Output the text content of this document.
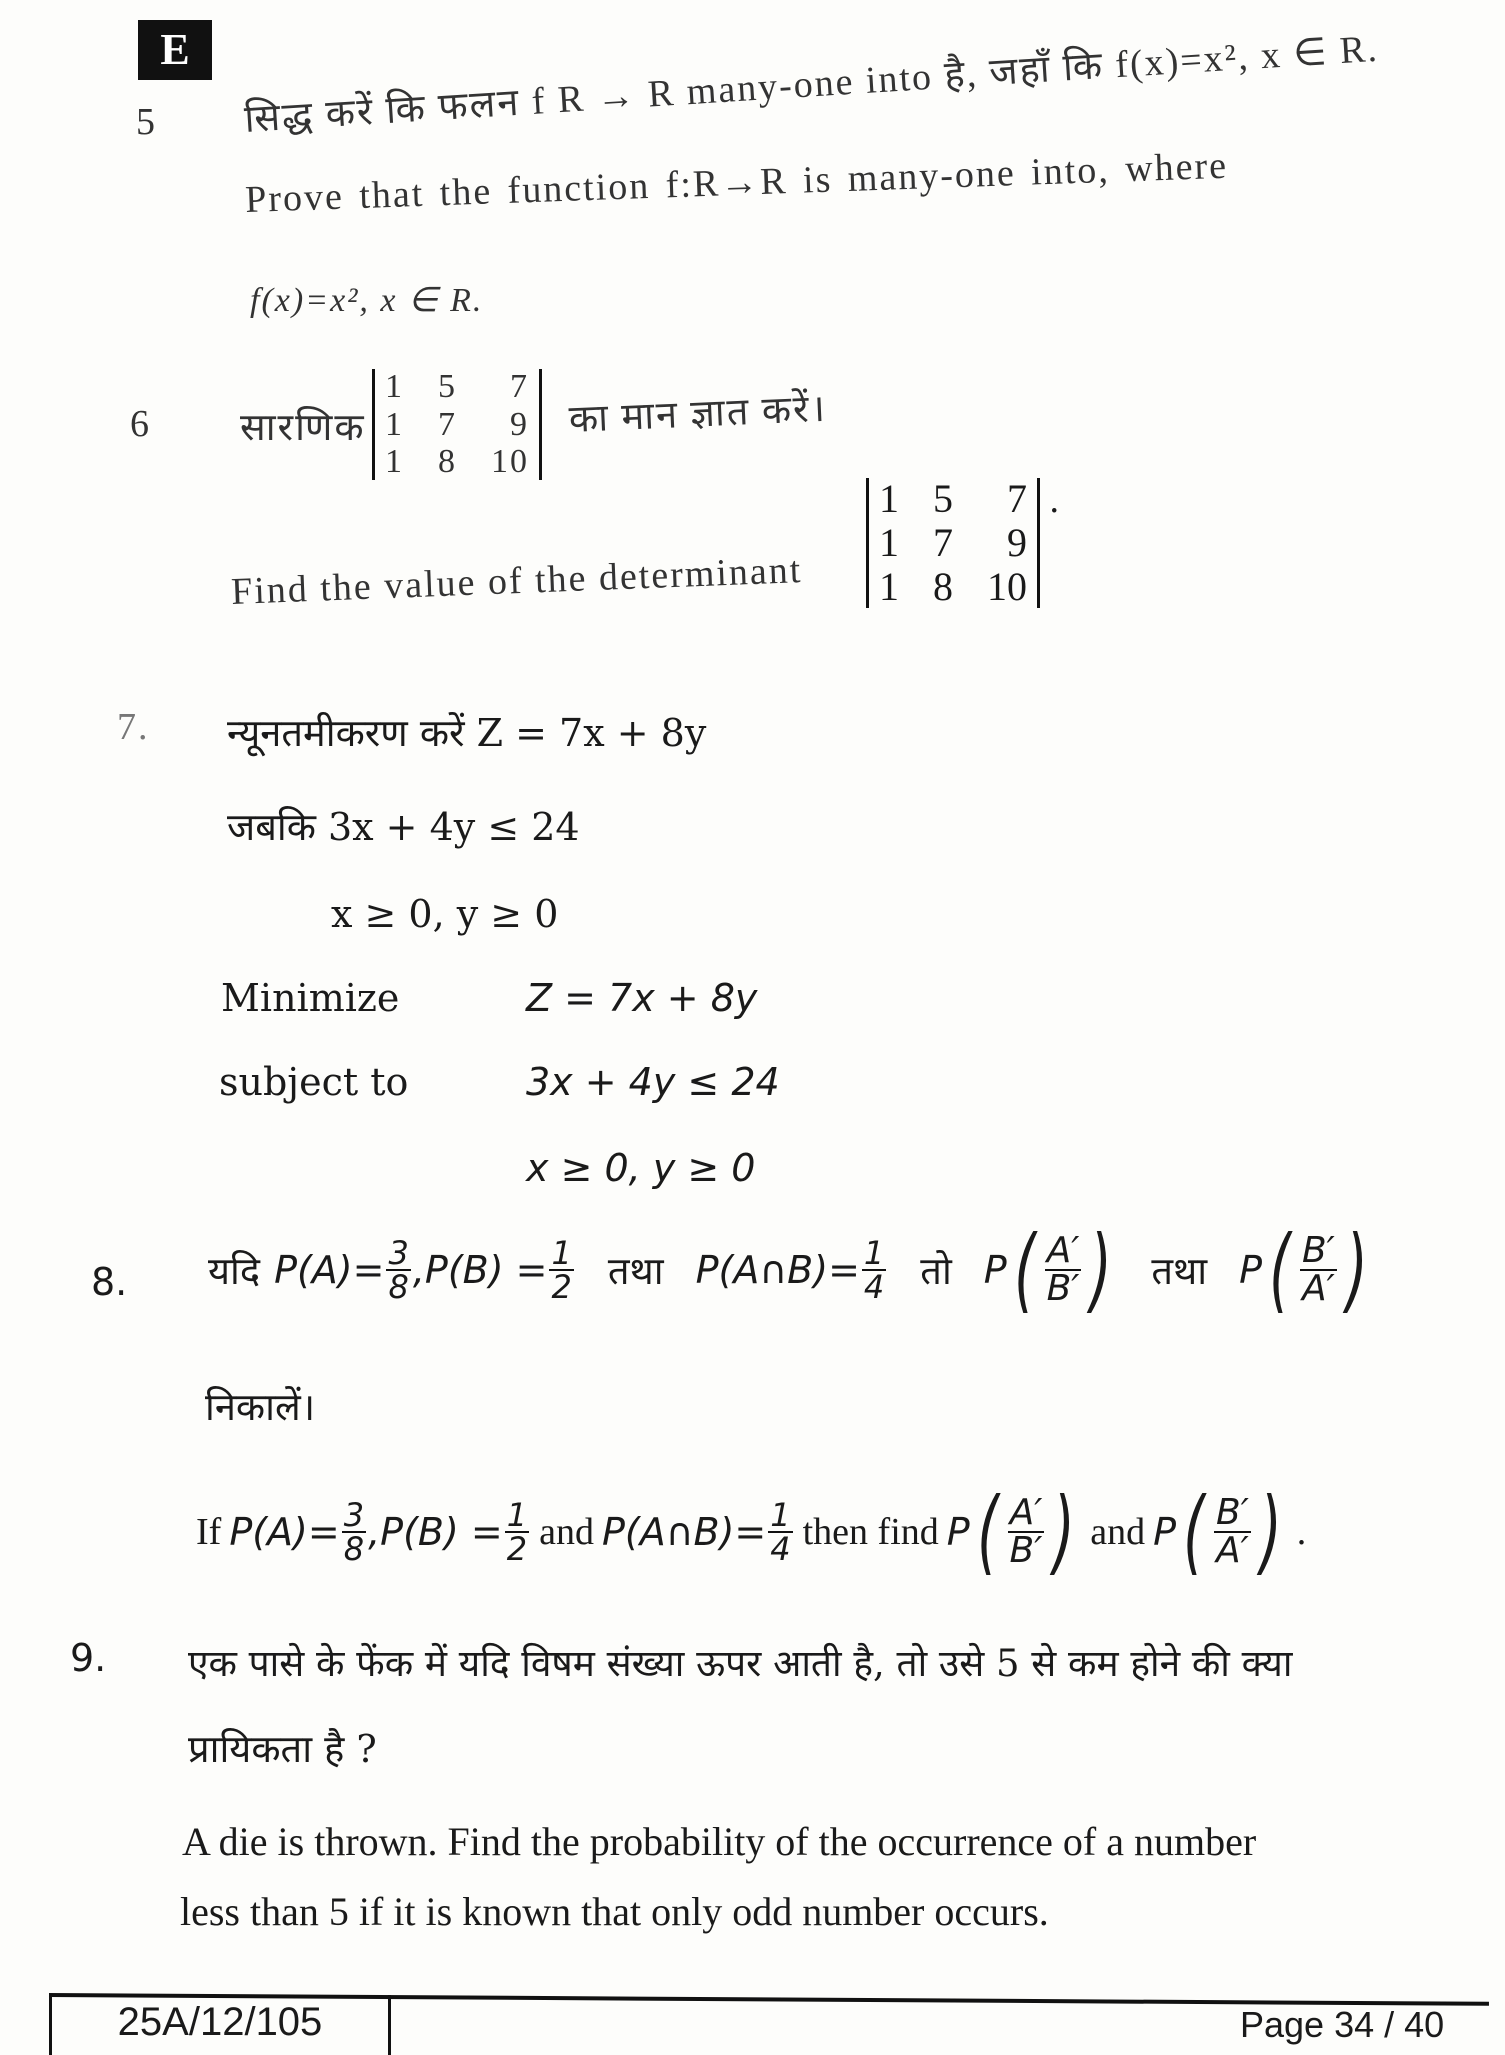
E
5 सिद्ध करें कि फलन f R → R many-one into है, जहाँ कि f(x)=x², x ∈ R.
Prove that the function f:R→R is many-one into, where
f(x)=x², x ∈ R.
6 सारणिक
1 5	7
1 7	9
1 8 10
का मान ज्ञात करें।
Find the value of the determinant
1 5	7
1 7	9
1 8 10
.
7. न्यूनतमीकरण करें Z = 7x + 8y
जबकि 3x + 4y ≤ 24
x ≥ 0, y ≥ 0
Minimize	Z = 7x + 8y
subject to	3x + 4y ≤ 24
x ≥ 0, y ≥ 0
8. यदि $P(A)= \frac{3}{8} ,P(B) = \frac{1}{2}$ तथा P(A∩B)= $\frac{1}{4}$ तो P ( $\frac{A'}{B'}$ ) तथा P ( $\frac{B'}{A'}$ )
निकालें।
If $P(A)= \frac{3}{8} ,P(B) = \frac{1}{2}$ and P(A∩B)= $\frac{1}{4}$ then find P ( $\frac{A'}{B'}$ ) and P ( $\frac{B'}{A'}$ ) .
9. एक पासे के फेंक में यदि विषम संख्या ऊपर आती है, तो उसे 5 से कम होने की क्या
प्रायिकता है ?
A die is thrown. Find the probability of the occurrence of a number
less than 5 if it is known that only odd number occurs.
25A/12/105	Page 34 / 40
